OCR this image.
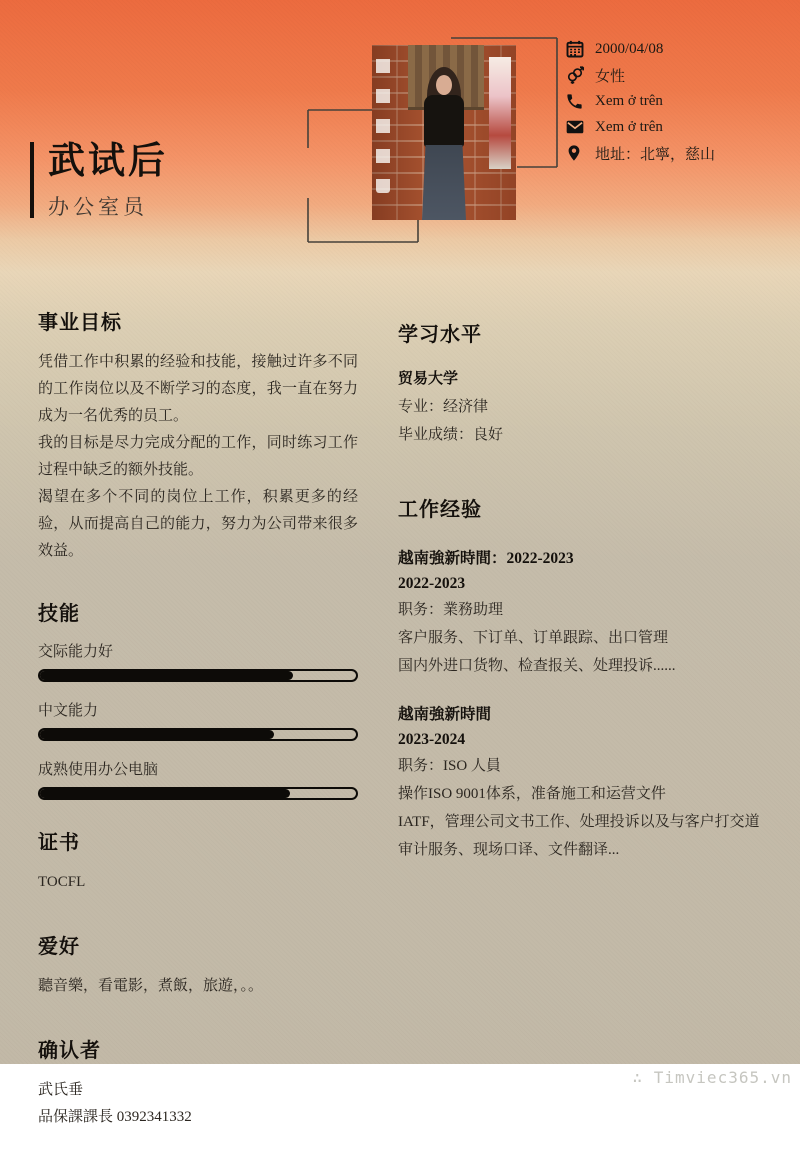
武试后
办公室员
2000/04/08
女性
Xem ở trên
Xem ở trên
地址：北寧，慈山
事业目标

凭借工作中积累的经验和技能，接触过许多不同的工作岗位以及不断学习的态度，我一直在努力成为一名优秀的员工。

我的目标是尽力完成分配的工作，同时练习工作过程中缺乏的额外技能。

渴望在多个不同的岗位上工作，积累更多的经验，从而提高自己的能力，努力为公司带来很多效益。

技能
交际能力好
中文能力
成熟使用办公电脑
证书
TOCFL
爱好
聽音樂，看電影，煮飯，旅遊，。。
确认者
武氏垂
品保課課長 0392341332
学习水平
贸易大学
专业：经济律
毕业成绩：良好
工作经验
越南強新時間：2022-2023
2022-2023
职务：業務助理
客户服务、下订单、订单跟踪、出口管理
国内外进口货物、检查报关、处理投诉......
越南強新時間
2023-2024
职务：ISO 人員
操作ISO 9001体系，准备施工和运营文件
IATF，管理公司文书工作、处理投诉以及与客户打交道
审计服务、现场口译、文件翻译...
∴ Timviec365.vn
